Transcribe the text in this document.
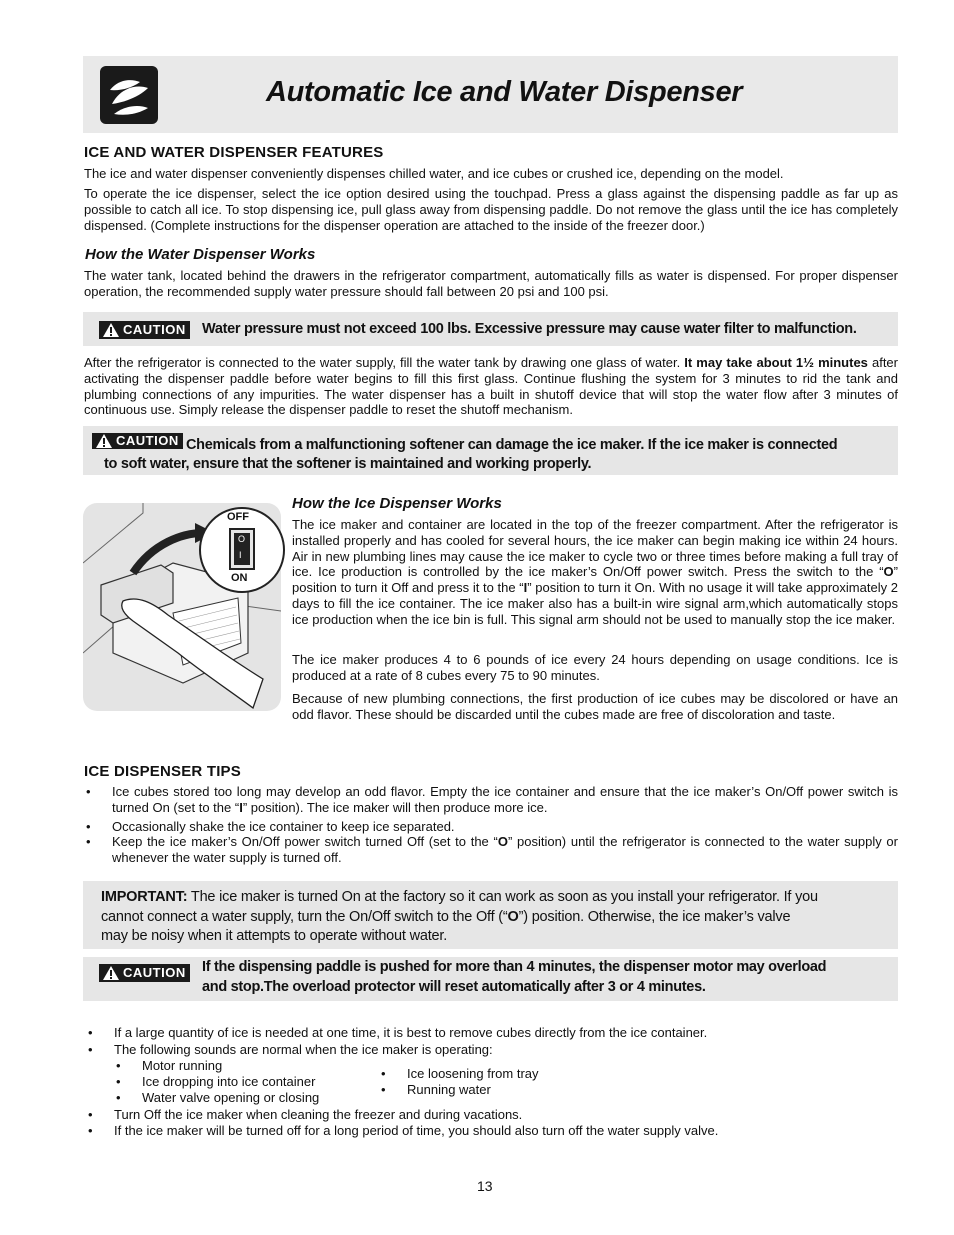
Automatic Ice and Water Dispenser
ICE AND WATER DISPENSER FEATURES
The ice and water dispenser conveniently dispenses chilled water, and ice cubes or crushed ice, depending on the model.
To operate the ice dispenser, select the ice option desired using the touchpad. Press a glass against the dispensing paddle as far up as possible to catch all ice. To stop dispensing ice, pull glass away from dispensing paddle. Do not remove the glass until the ice has completely dispensed. (Complete instructions for the dispenser operation are attached to the inside of the freezer door.)
How the Water Dispenser Works
The water tank, located behind the drawers in the refrigerator compartment, automatically fills as water is dispensed. For proper dispenser operation, the recommended supply water pressure should fall between 20 psi and 100 psi.
CAUTION Water pressure must not exceed 100 lbs. Excessive pressure may cause water filter to malfunction.
After the refrigerator is connected to the water supply, fill the water tank by drawing one glass of water. It may take about 1½ minutes after activating the dispenser paddle before water begins to fill this first glass. Continue flushing the system for 3 minutes to rid the tank and plumbing connections of any impurities. The water dispenser has a built in shutoff device that will stop the water flow after 3 minutes of continuous use. Simply release the dispenser paddle to reset the shutoff mechanism.
CAUTION Chemicals from a malfunctioning softener can damage the ice maker. If the ice maker is connected
to soft water, ensure that the softener is maintained and working properly.
O
I
OFF
ON
How the Ice Dispenser Works
The ice maker and container are located in the top of the freezer compartment. After the refrigerator is installed properly and has cooled for several hours, the ice maker can begin making ice within 24 hours. Air in new plumbing lines may cause the ice maker to cycle two or three times before making a full tray of ice. Ice production is controlled by the ice maker’s On/Off power switch. Press the switch to the “O” position to turn it Off and press it to the “I” position to turn it On. With no usage it will take approximately 2 days to fill the ice container. The ice maker also has a built-in wire signal arm,which automatically stops ice production when the ice bin is full. This signal arm should not be used to manually stop the ice maker.
The ice maker produces 4 to 6 pounds of ice every 24 hours depending on usage conditions. Ice is produced at a rate of 8 cubes every 75 to 90 minutes.
Because of new plumbing connections, the first production of ice cubes may be discolored or have an odd flavor. These should be discarded until the cubes made are free of discoloration and taste.
ICE DISPENSER TIPS
• Ice cubes stored too long may develop an odd flavor. Empty the ice container and ensure that the ice maker’s On/Off power switch is turned On (set to the “I” position). The ice maker will then produce more ice.
• Occasionally shake the ice container to keep ice separated.
• Keep the ice maker’s On/Off power switch turned Off (set to the “O” position) until the refrigerator is connected to the water supply or whenever the water supply is turned off.
IMPORTANT: The ice maker is turned On at the factory so it can work as soon as you install your refrigerator. If you
cannot connect a water supply, turn the On/Off switch to the Off (“O”) position. Otherwise, the ice maker’s valve
may be noisy when it attempts to operate without water.
CAUTION If the dispensing paddle is pushed for more than 4 minutes, the dispenser motor may overload
and stop.The overload protector will reset automatically after 3 or 4 minutes.
• If a large quantity of ice is needed at one time, it is best to remove cubes directly from the ice container.
• The following sounds are normal when the ice maker is operating:
• Motor running
• Ice dropping into ice container
• Water valve opening or closing
• Ice loosening from tray
• Running water
• Turn Off the ice maker when cleaning the freezer and during vacations.
• If the ice maker will be turned off for a long period of time, you should also turn off the water supply valve.
13
